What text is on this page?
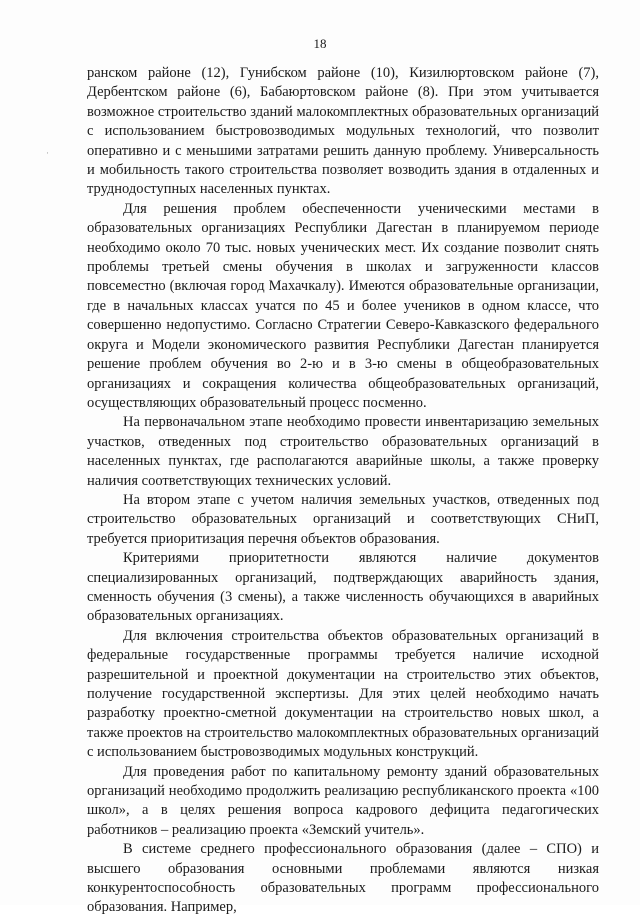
18
·

ранском районе (12), Гунибском районе (10), Кизилюртовском районе (7), Дербентском районе (6), Бабаюртовском районе (8). При этом учитывается возможное строительство зданий малокомплектных образовательных организаций с использованием быстровозводимых модульных технологий, что позволит оперативно и с меньшими затратами решить данную проблему. Универсальность и мобильность такого строительства позволяет возводить здания в отдаленных и труднодоступных населенных пунктах.

Для решения проблем обеспеченности ученическими местами в образовательных организациях Республики Дагестан в планируемом периоде необходимо около 70 тыс. новых ученических мест. Их создание позволит снять проблемы третьей смены обучения в школах и загруженности классов повсеместно (включая город Махачкалу). Имеются образовательные организации, где в начальных классах учатся по 45 и более учеников в одном классе, что совершенно недопустимо. Согласно Стратегии Северо-Кавказского федерального округа и Модели экономического развития Республики Дагестан планируется решение проблем обучения во 2-ю и в 3-ю смены в общеобразовательных организациях и сокращения количества общеобразовательных организаций, осуществляющих образовательный процесс посменно.

На первоначальном этапе необходимо провести инвентаризацию земельных участков, отведенных под строительство образовательных организаций в населенных пунктах, где располагаются аварийные школы, а также проверку наличия соответствующих технических условий.

На втором этапе с учетом наличия земельных участков, отведенных под строительство образовательных организаций и соответствующих СНиП, требуется приоритизация перечня объектов образования.

Критериями приоритетности являются наличие документов специализированных организаций, подтверждающих аварийность здания, сменность обучения (3 смены), а также численность обучающихся в аварийных образовательных организациях.

Для включения строительства объектов образовательных организаций в федеральные государственные программы требуется наличие исходной разрешительной и проектной документации на строительство этих объектов, получение государственной экспертизы. Для этих целей необходимо начать разработку проектно-сметной документации на строительство новых школ, а также проектов на строительство малокомплектных образовательных организаций с использованием быстровозводимых модульных конструкций.

Для проведения работ по капитальному ремонту зданий образовательных организаций необходимо продолжить реализацию республиканского проекта «100 школ», а в целях решения вопроса кадрового дефицита педагогических работников – реализацию проекта «Земский учитель».

В системе среднего профессионального образования (далее – СПО) и высшего образования основными проблемами являются низкая конкурентоспособность образовательных программ профессионального образования. Например,
